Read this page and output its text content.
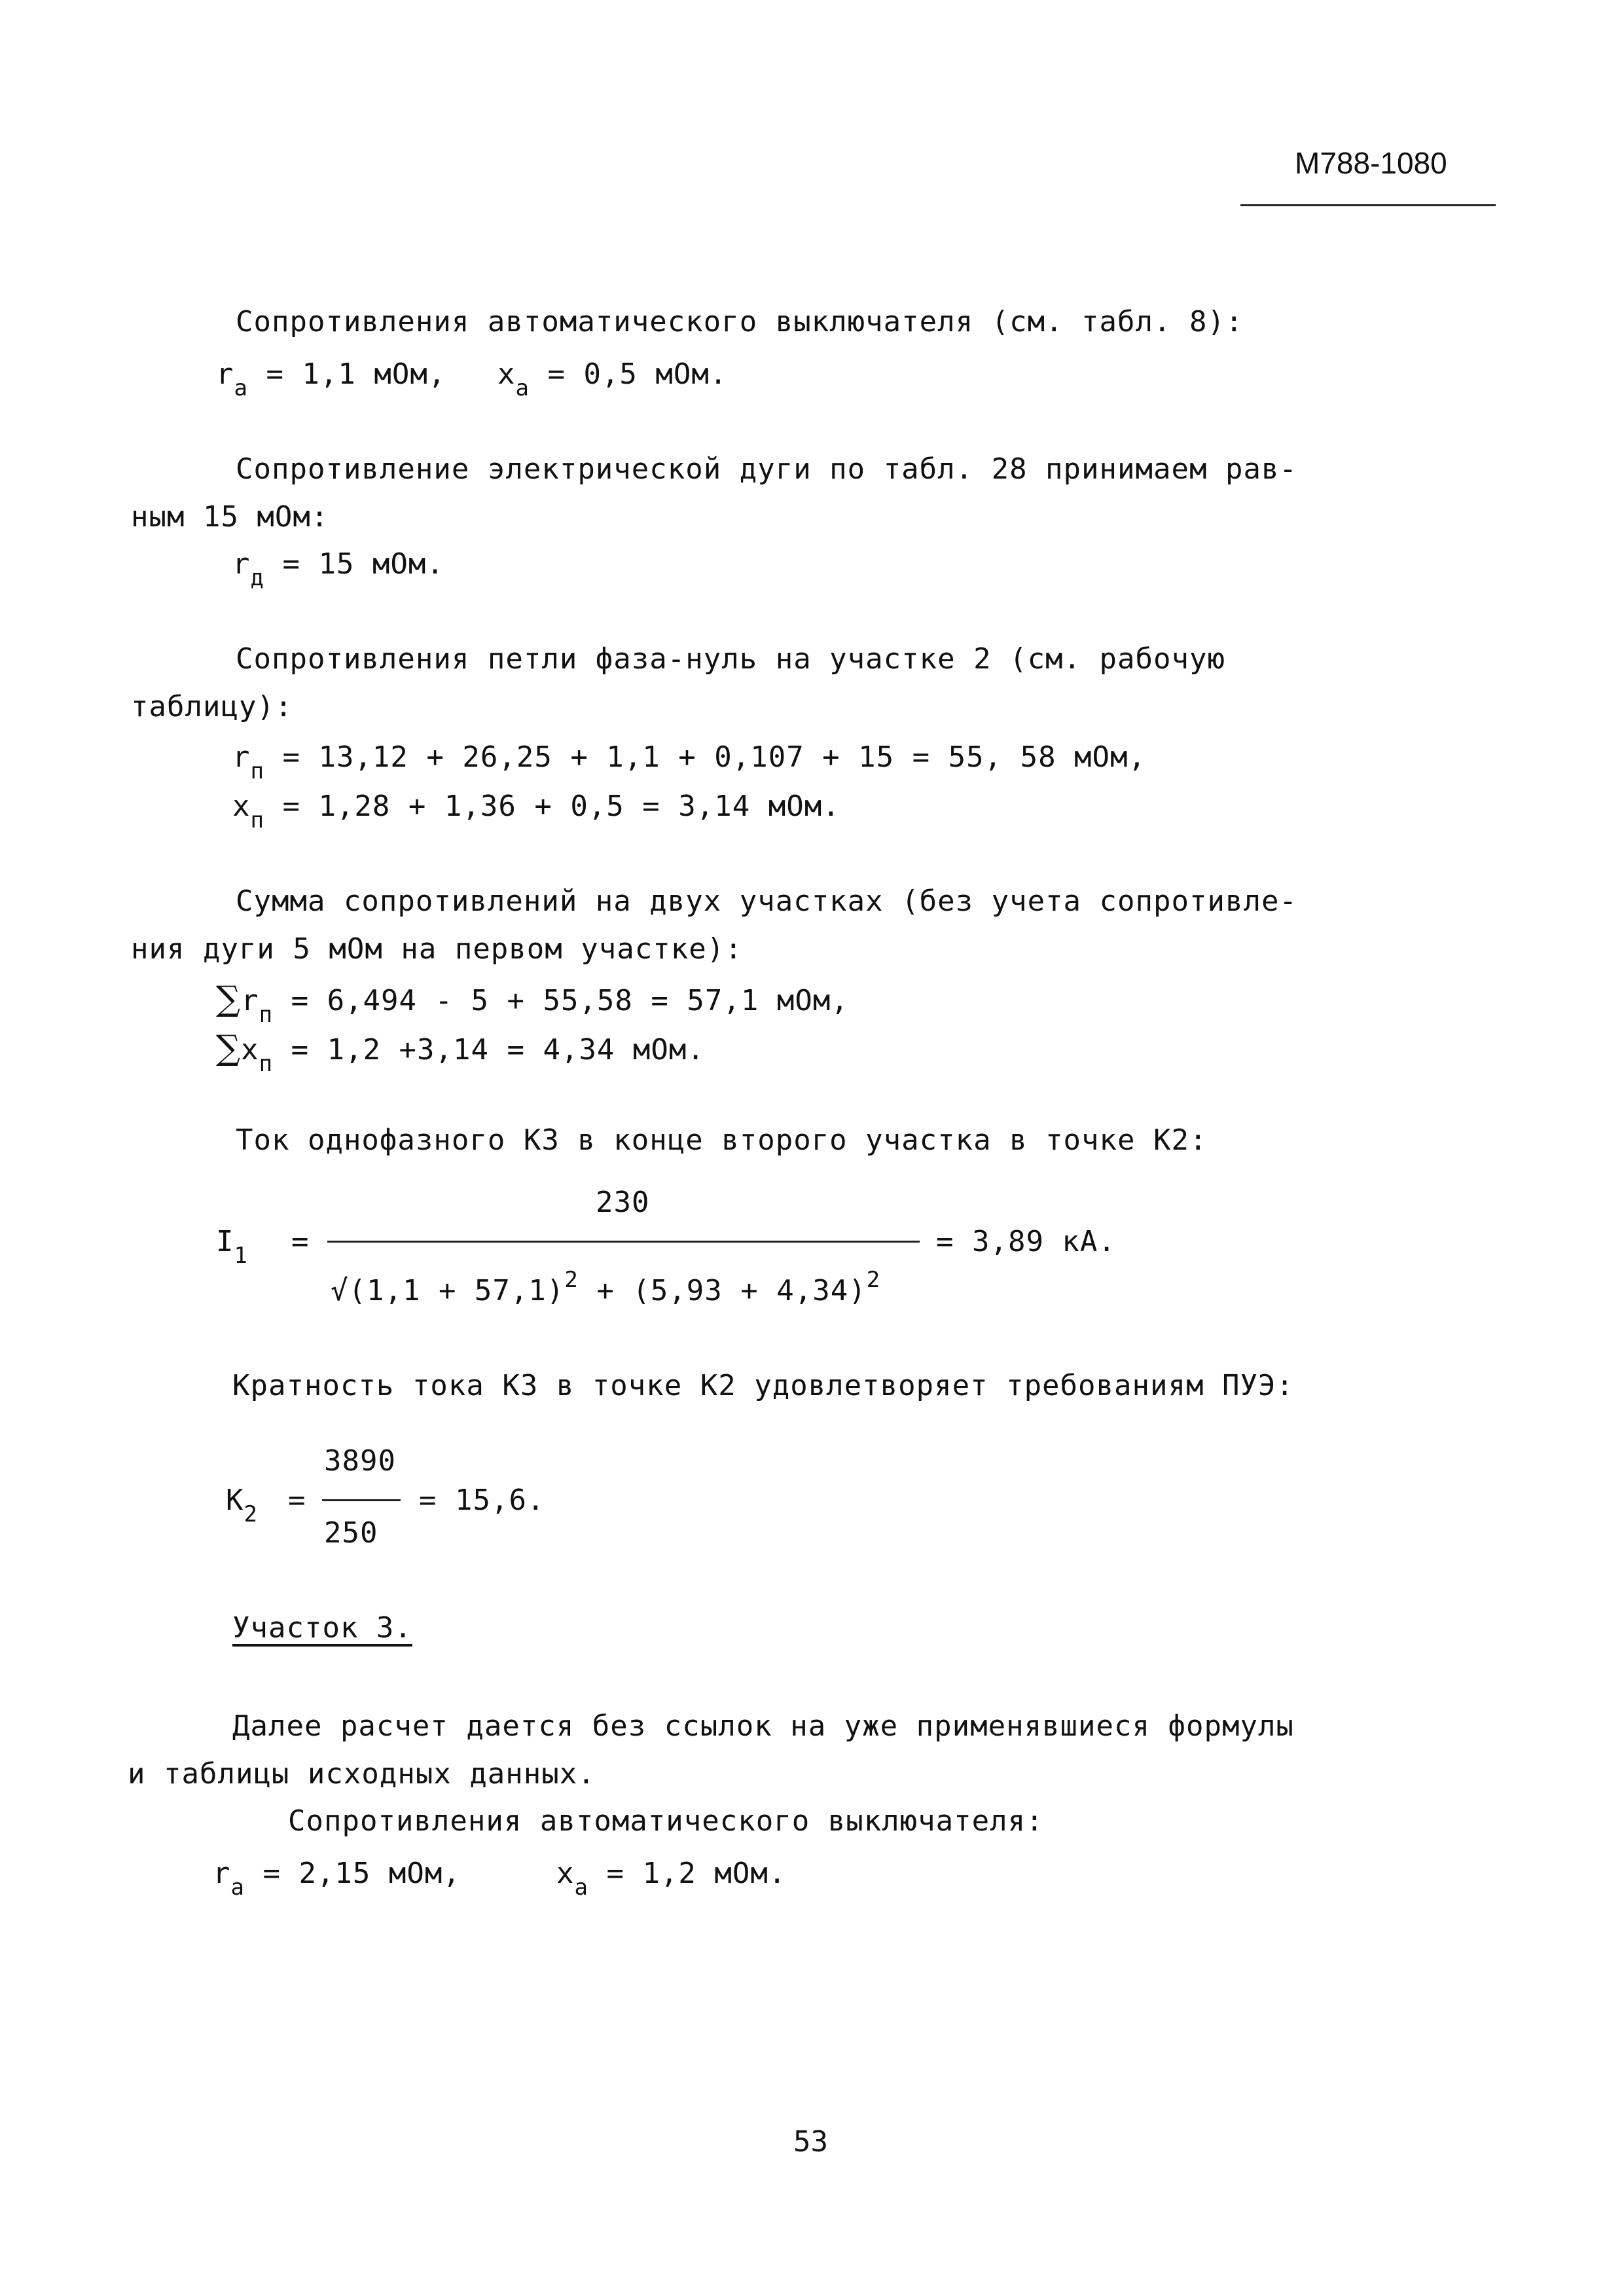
М788-1080
Сопротивления автоматического выключателя (см. табл. 8):
$r_а = 1,1$ мОм, $x_а = 0,5$ мОм.
Сопротивление электрической дуги по табл. 28 принимаем рав-
ным 15 мОм:
$r_д = 15$ мОм.
Сопротивления петли фаза-нуль на участке 2 (см. рабочую
таблицу):
$r_п = 13,12 + 26,25 + 1,1 + 0,107 + 15 = 55$, 58 мОм,
$x_п = 1,28 + 1,36 + 0,5 = 3,14$ мОм.
Сумма сопротивлений на двух участках (без учета сопротивле-
ния дуги 5 мОм на первом участке):
$\sum r_п = 6,494 - 5 + 55,58 = 57,1$ мОм,
$\sum x_п = 1,2 +3,14 = 4,34$ мОм.
Ток однофазного КЗ в конце второго участка в точке К2:
230
$I_1$ =	= 3,89 кА.
$√(1,1 + 57,1)^2 + (5,93 + 4,34)^2$
Кратность тока КЗ в точке К2 удовлетворяет требованиям ПУЭ:
3890
$К_2$ =	= 15,6.
250
Участок 3.
Далее расчет дается без ссылок на уже применявшиеся формулы
и таблицы исходных данных.
Сопротивления автоматического выключателя:
$r_а = 2,15$ мОм,	$x_а = 1,2$ мОм.
53
